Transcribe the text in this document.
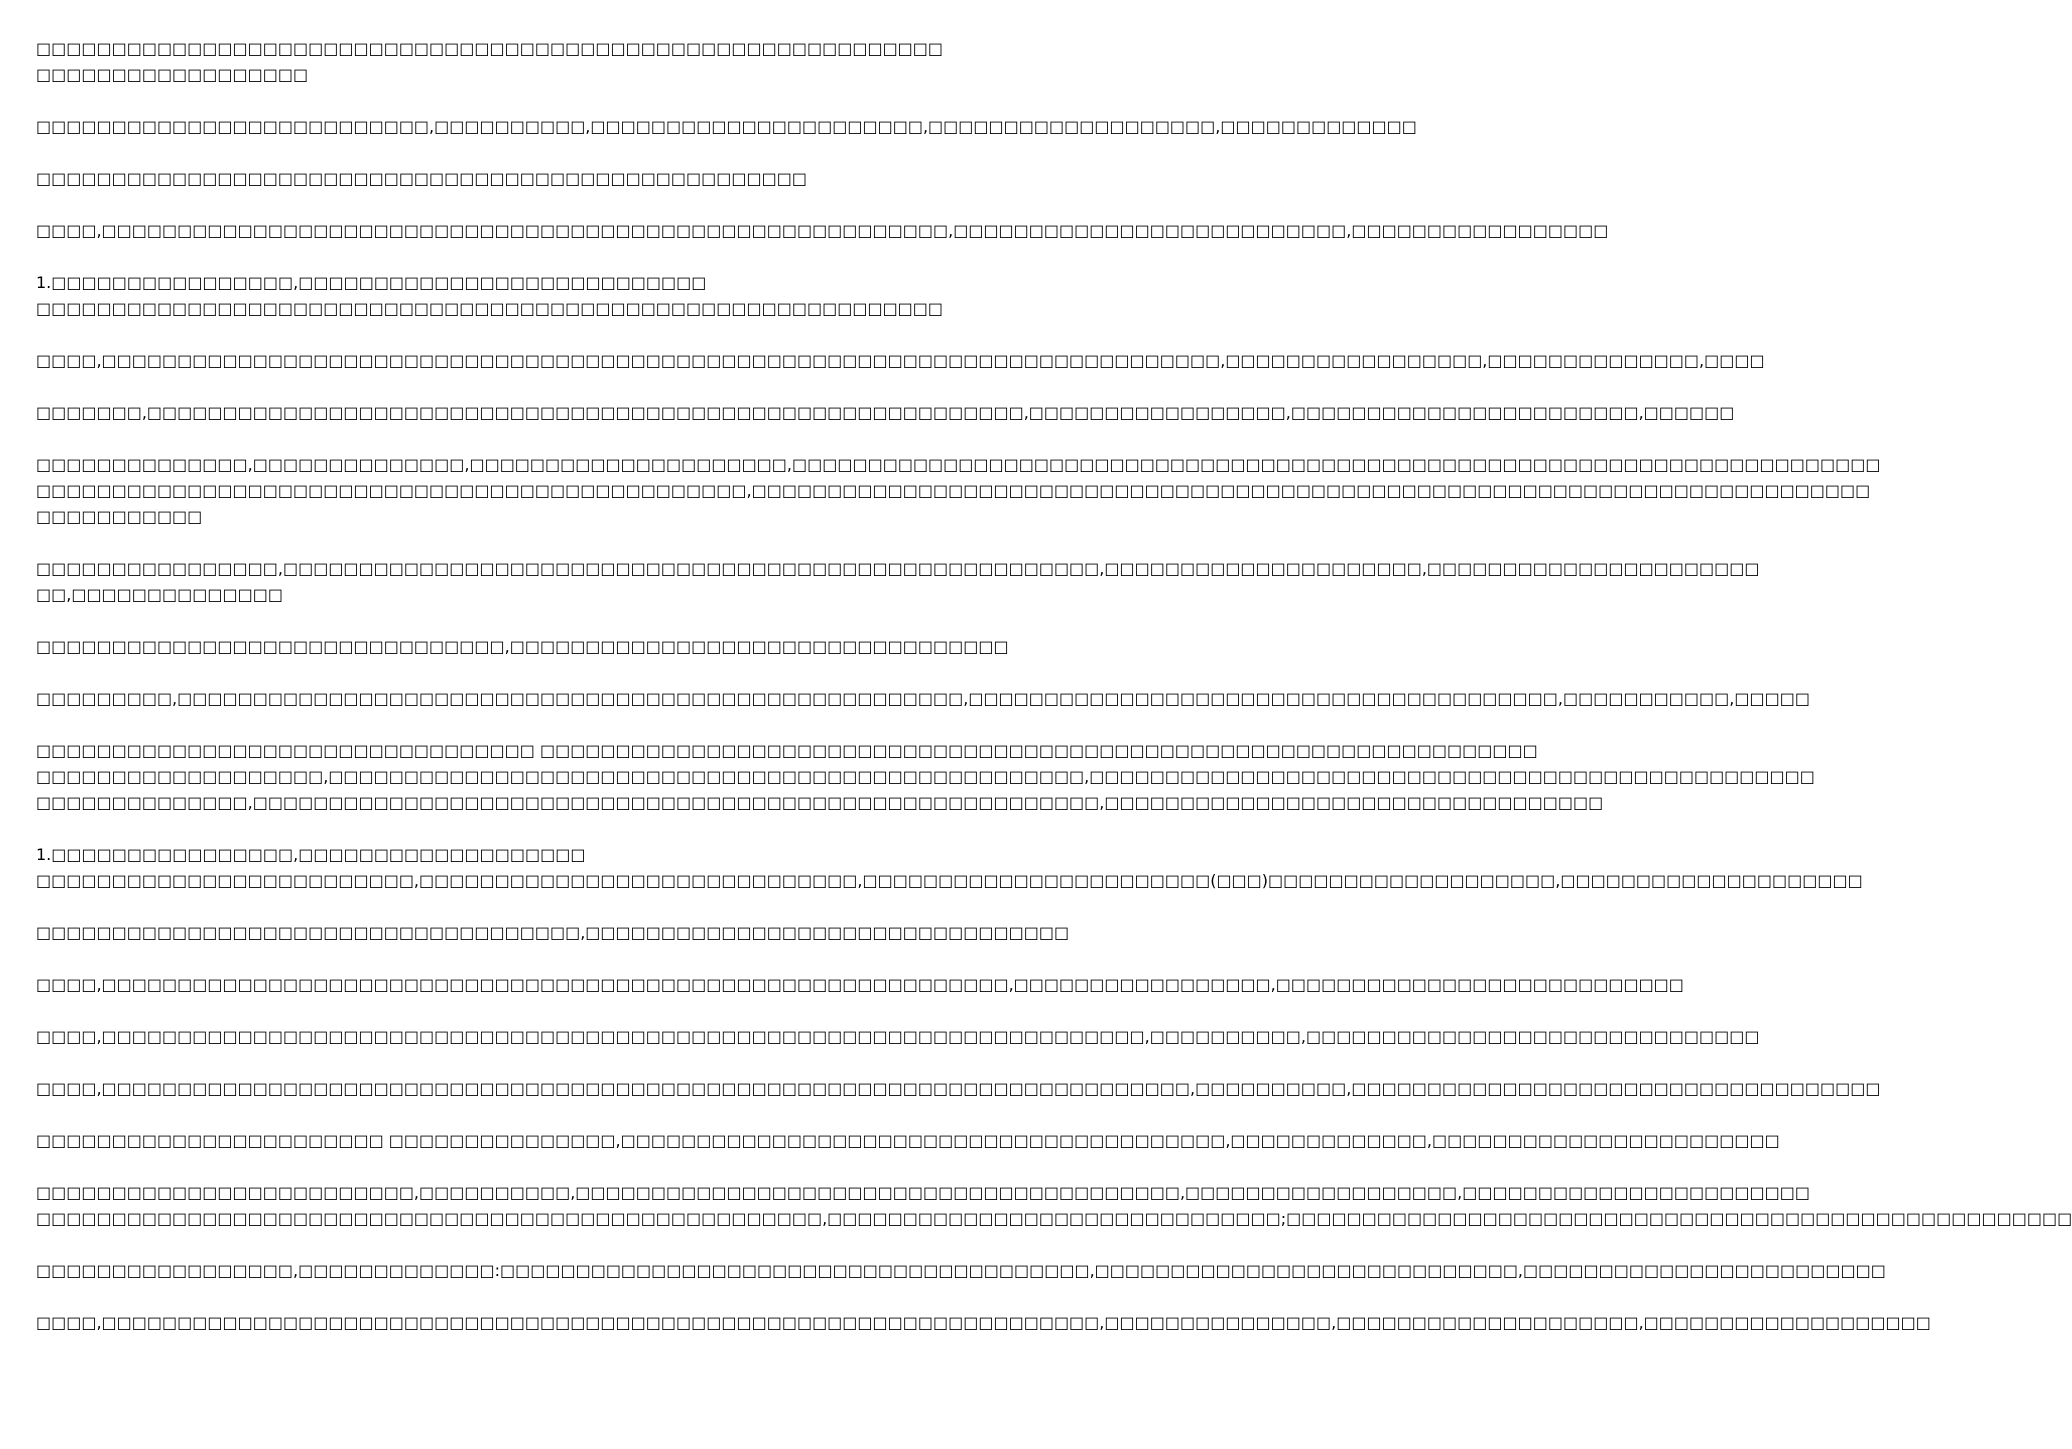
□□□□□□□□□□□□□□□□□□□□□□□□□□□□□□□□□□□□□□□□□□□□□□□□□□□□□□□□□□□□ □□□□□□□□□□□□□□□□□□

□□□□□□□□□□□□□□□□□□□□□□□□□□,□□□□□□□□□□,□□□□□□□□□□□□□□□□□□□□□□,□□□□□□□□□□□□□□□□□□□,□□□□□□□□□□□□□

□□□□□□□□□□□□□□□□□□□□□□□□□□□□□□□□□□□□□□□□□□□□□□□□□□□

□□□□,□□□□□□□□□□□□□□□□□□□□□□□□□□□□□□□□□□□□□□□□□□□□□□□□□□□□□□□□,□□□□□□□□□□□□□□□□□□□□□□□□□□,□□□□□□□□□□□□□□□□□

1.□□□□□□□□□□□□□□□□,□□□□□□□□□□□□□□□□□□□□□□□□□□□
□□□□□□□□□□□□□□□□□□□□□□□□□□□□□□□□□□□□□□□□□□□□□□□□□□□□□□□□□□□□

□□□□,□□□□□□□□□□□□□□□□□□□□□□□□□□□□□□□□□□□□□□□□□□□□□□□□□□□□□□□□□□□□□□□□□□□□□□□□□□,□□□□□□□□□□□□□□□□□,□□□□□□□□□□□□□□,□□□□

□□□□□□□,□□□□□□□□□□□□□□□□□□□□□□□□□□□□□□□□□□□□□□□□□□□□□□□□□□□□□□□□□□,□□□□□□□□□□□□□□□□□,□□□□□□□□□□□□□□□□□□□□□□□,□□□□□□

□□□□□□□□□□□□□□,□□□□□□□□□□□□□□,□□□□□□□□□□□□□□□□□□□□□,□□□□□□□□□□□□□□□□□□□□□□□□□□□□□□□□□□□□□□□□□□□□□□□□□□□□□□□□□□□□□□□□□□□□□□□□
□□□□□□□□□□□□□□□□□□□□□□□□□□□□□□□□□□□□□□□□□□□□□□□,□□□□□□□□□□□□□□□□□□□□□□□□□□□□□□□□□□□□□□□□□□□□□□□□□□□□□□□□□□□□□□□□□□□□□□□□□□
□□□□□□□□□□□

□□□□□□□□□□□□□□□□,□□□□□□□□□□□□□□□□□□□□□□□□□□□□□□□□□□□□□□□□□□□□□□□□□□□□□□,□□□□□□□□□□□□□□□□□□□□□,□□□□□□□□□□□□□□□□□□□□□□
□□,□□□□□□□□□□□□□□

□□□□□□□□□□□□□□□□□□□□□□□□□□□□□□□,□□□□□□□□□□□□□□□□□□□□□□□□□□□□□□□□□

□□□□□□□□□,□□□□□□□□□□□□□□□□□□□□□□□□□□□□□□□□□□□□□□□□□□□□□□□□□□□□,□□□□□□□□□□□□□□□□□□□□□□□□□□□□□□□□□□□□□□□,□□□□□□□□□□□,□□□□□

□□□□□□□□□□□□□□□□□□□□□□□□□□□□□□□□□ □□□□□□□□□□□□□□□□□□□□□□□□□□□□□□□□□□□□□□□□□□□□□□□□□□□□□□□□□□□□□□□□□□
□□□□□□□□□□□□□□□□□□□,□□□□□□□□□□□□□□□□□□□□□□□□□□□□□□□□□□□□□□□□□□□□□□□□□□,□□□□□□□□□□□□□□□□□□□□□□□□□□□□□□□□□□□□□□□□□□□□□□□□
□□□□□□□□□□□□□□,□□□□□□□□□□□□□□□□□□□□□□□□□□□□□□□□□□□□□□□□□□□□□□□□□□□□□□□□,□□□□□□□□□□□□□□□□□□□□□□□□□□□□□□□□□

1.□□□□□□□□□□□□□□□□,□□□□□□□□□□□□□□□□□□□
□□□□□□□□□□□□□□□□□□□□□□□□□,□□□□□□□□□□□□□□□□□□□□□□□□□□□□□,□□□□□□□□□□□□□□□□□□□□□□□(□□□)□□□□□□□□□□□□□□□□□□□,□□□□□□□□□□□□□□□□□□□□

□□□□□□□□□□□□□□□□□□□□□□□□□□□□□□□□□□□□,□□□□□□□□□□□□□□□□□□□□□□□□□□□□□□□□

□□□□,□□□□□□□□□□□□□□□□□□□□□□□□□□□□□□□□□□□□□□□□□□□□□□□□□□□□□□□□□□□□,□□□□□□□□□□□□□□□□□,□□□□□□□□□□□□□□□□□□□□□□□□□□□

□□□□,□□□□□□□□□□□□□□□□□□□□□□□□□□□□□□□□□□□□□□□□□□□□□□□□□□□□□□□□□□□□□□□□□□□□□,□□□□□□□□□□,□□□□□□□□□□□□□□□□□□□□□□□□□□□□□□

□□□□,□□□□□□□□□□□□□□□□□□□□□□□□□□□□□□□□□□□□□□□□□□□□□□□□□□□□□□□□□□□□□□□□□□□□□□□□,□□□□□□□□□□,□□□□□□□□□□□□□□□□□□□□□□□□□□□□□□□□□□□

□□□□□□□□□□□□□□□□□□□□□□□ □□□□□□□□□□□□□□□,□□□□□□□□□□□□□□□□□□□□□□□□□□□□□□□□□□□□□□□□,□□□□□□□□□□□□□,□□□□□□□□□□□□□□□□□□□□□□□

□□□□□□□□□□□□□□□□□□□□□□□□□,□□□□□□□□□□,□□□□□□□□□□□□□□□□□□□□□□□□□□□□□□□□□□□□□□□□,□□□□□□□□□□□□□□□□□□,□□□□□□□□□□□□□□□□□□□□□□□
□□□□□□□□□□□□□□□□□□□□□□□□□□□□□□□□□□□□□□□□□□□□□□□□□□□□,□□□□□□□□□□□□□□□□□□□□□□□□□□□□□□;□□□□□□□□□□□□□□□□□□□□□□□□□□□□□□□□□□□□□□□□□□□□□□□□□□□□

□□□□□□□□□□□□□□□□□,□□□□□□□□□□□□□:□□□□□□□□□□□□□□□□□□□□□□□□□□□□□□□□□□□□□□□,□□□□□□□□□□□□□□□□□□□□□□□□□□□□,□□□□□□□□□□□□□□□□□□□□□□□□

□□□□,□□□□□□□□□□□□□□□□□□□□□□□□□□□□□□□□□□□□□□□□□□□□□□□□□□□□□□□□□□□□□□□□□□,□□□□□□□□□□□□□□□,□□□□□□□□□□□□□□□□□□□□,□□□□□□□□□□□□□□□□□□□
